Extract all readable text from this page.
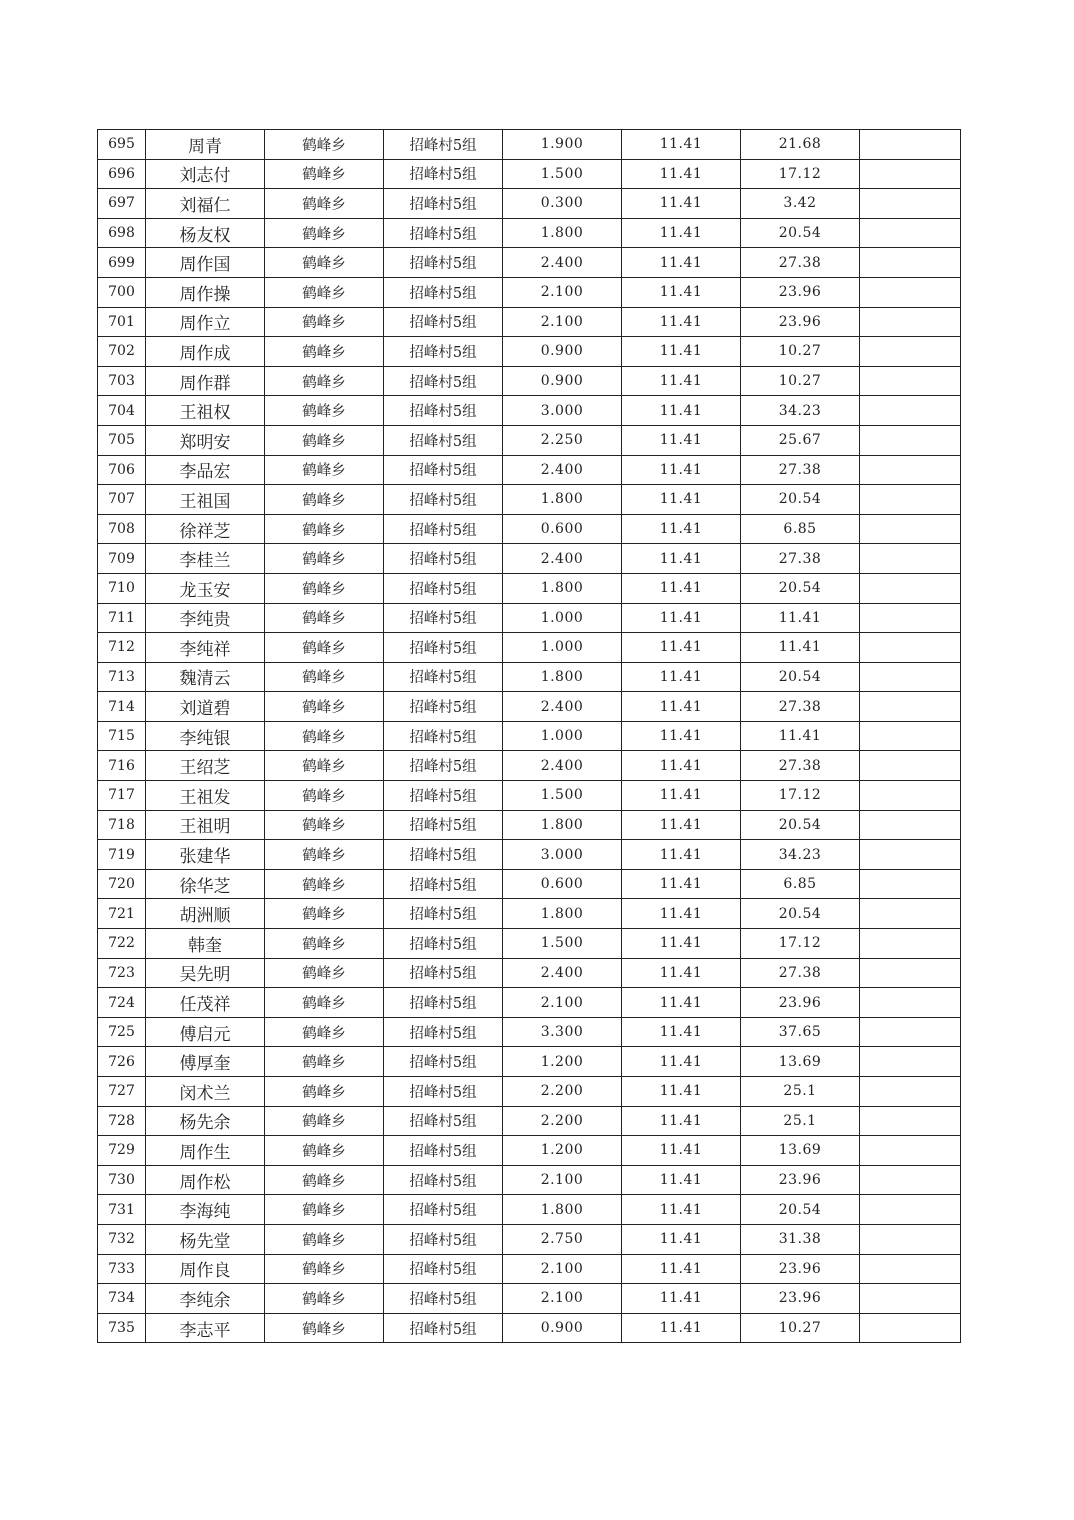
695	周青	鹤峰乡	招峰村5组	1.900	11.41	21.68	
696	刘志付	鹤峰乡	招峰村5组	1.500	11.41	17.12	
697	刘福仁	鹤峰乡	招峰村5组	0.300	11.41	3.42	
698	杨友权	鹤峰乡	招峰村5组	1.800	11.41	20.54	
699	周作国	鹤峰乡	招峰村5组	2.400	11.41	27.38	
700	周作操	鹤峰乡	招峰村5组	2.100	11.41	23.96	
701	周作立	鹤峰乡	招峰村5组	2.100	11.41	23.96	
702	周作成	鹤峰乡	招峰村5组	0.900	11.41	10.27	
703	周作群	鹤峰乡	招峰村5组	0.900	11.41	10.27	
704	王祖权	鹤峰乡	招峰村5组	3.000	11.41	34.23	
705	郑明安	鹤峰乡	招峰村5组	2.250	11.41	25.67	
706	李品宏	鹤峰乡	招峰村5组	2.400	11.41	27.38	
707	王祖国	鹤峰乡	招峰村5组	1.800	11.41	20.54	
708	徐祥芝	鹤峰乡	招峰村5组	0.600	11.41	6.85	
709	李桂兰	鹤峰乡	招峰村5组	2.400	11.41	27.38	
710	龙玉安	鹤峰乡	招峰村5组	1.800	11.41	20.54	
711	李纯贵	鹤峰乡	招峰村5组	1.000	11.41	11.41	
712	李纯祥	鹤峰乡	招峰村5组	1.000	11.41	11.41	
713	魏清云	鹤峰乡	招峰村5组	1.800	11.41	20.54	
714	刘道碧	鹤峰乡	招峰村5组	2.400	11.41	27.38	
715	李纯银	鹤峰乡	招峰村5组	1.000	11.41	11.41	
716	王绍芝	鹤峰乡	招峰村5组	2.400	11.41	27.38	
717	王祖发	鹤峰乡	招峰村5组	1.500	11.41	17.12	
718	王祖明	鹤峰乡	招峰村5组	1.800	11.41	20.54	
719	张建华	鹤峰乡	招峰村5组	3.000	11.41	34.23	
720	徐华芝	鹤峰乡	招峰村5组	0.600	11.41	6.85	
721	胡洲顺	鹤峰乡	招峰村5组	1.800	11.41	20.54	
722	韩奎	鹤峰乡	招峰村5组	1.500	11.41	17.12	
723	吴先明	鹤峰乡	招峰村5组	2.400	11.41	27.38	
724	任茂祥	鹤峰乡	招峰村5组	2.100	11.41	23.96	
725	傅启元	鹤峰乡	招峰村5组	3.300	11.41	37.65	
726	傅厚奎	鹤峰乡	招峰村5组	1.200	11.41	13.69	
727	闵术兰	鹤峰乡	招峰村5组	2.200	11.41	25.1	
728	杨先余	鹤峰乡	招峰村5组	2.200	11.41	25.1	
729	周作生	鹤峰乡	招峰村5组	1.200	11.41	13.69	
730	周作松	鹤峰乡	招峰村5组	2.100	11.41	23.96	
731	李海纯	鹤峰乡	招峰村5组	1.800	11.41	20.54	
732	杨先堂	鹤峰乡	招峰村5组	2.750	11.41	31.38	
733	周作良	鹤峰乡	招峰村5组	2.100	11.41	23.96	
734	李纯余	鹤峰乡	招峰村5组	2.100	11.41	23.96	
735	李志平	鹤峰乡	招峰村5组	0.900	11.41	10.27	
